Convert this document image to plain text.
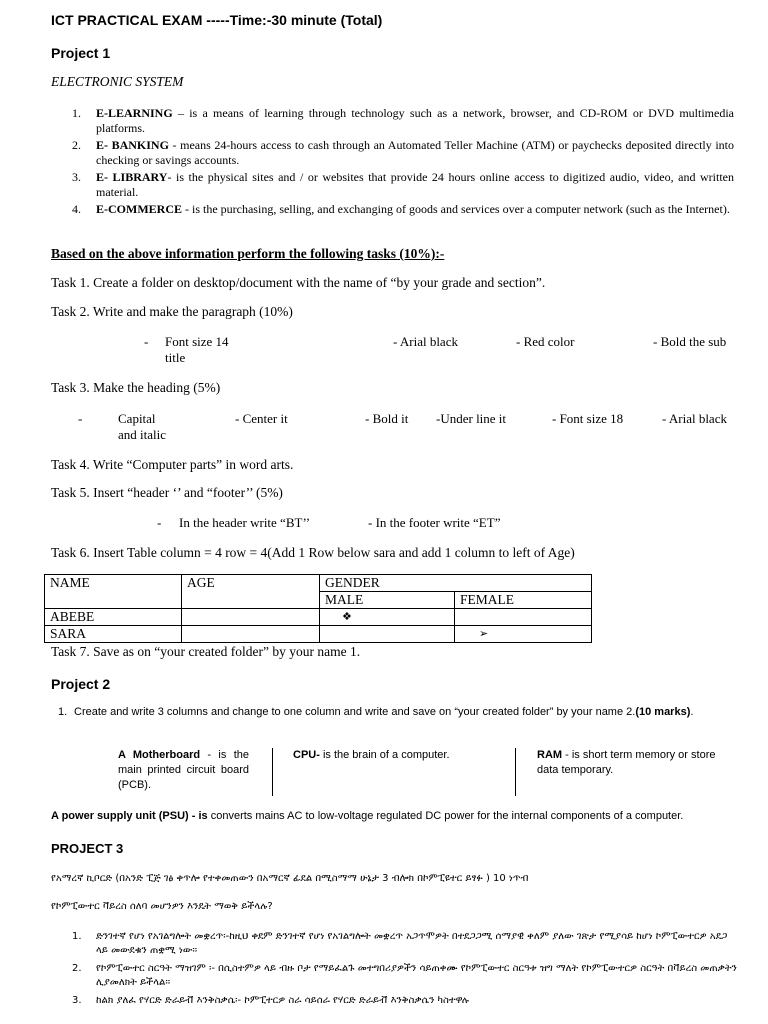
ICT PRACTICAL EXAM -----Time:-30 minute (Total)
Project 1
ELECTRONIC SYSTEM
1. E-LEARNING – is a means of learning through technology such as a network, browser, and CD-ROM or DVD multimedia platforms.
2. E- BANKING - means 24-hours access to cash through an Automated Teller Machine (ATM) or paychecks deposited directly into checking or savings accounts.
3. E- LIBRARY- is the physical sites and / or websites that provide 24 hours online access to digitized audio, video, and written material.
4. E-COMMERCE - is the purchasing, selling, and exchanging of goods and services over a computer network (such as the Internet).
Based on the above information perform the following tasks (10%):-
Task 1. Create a folder on desktop/document with the name of “by your grade and section”.
Task 2. Write and make the paragraph (10%)
- Font size 14
title
- Arial black	- Red color	- Bold the sub
Task 3. Make the heading (5%)
-	Capital
and italic
- Center it	- Bold it -Under line it	- Font size 18	- Arial black
Task 4. Write “Computer parts” in word arts.
Task 5. Insert “header ‘’ and “footer’’ (5%)
- In the header write “BT’’	- In the footer write “ET”
Task 6. Insert Table column = 4 row = 4(Add 1 Row below sara and add 1 column to left of Age)
NAME	AGE	GENDER	
		MALE	FEMALE
ABEBE		❖	
SARA			➢
Task 7. Save as on “your created folder” by your name 1.
Project 2
1. Create and write 3 columns and change to one column and write and save on “your created folder” by your name 2.(10 marks).
A Motherboard - is the main printed circuit board (PCB).
CPU- is the brain of a computer.	RAM - is short term memory or store data temporary.
A power supply unit (PSU) - is converts mains AC to low-voltage regulated DC power for the internal components of a computer.
PROJECT 3
የአማረኛ ኪቦርድ (በአንድ ፒጅ ገፅ ቀጥሎ የተቀመጠውን በአማርኛ ፊደል በሚስማማ ሁኔታ 3 ብሎክ በኮምፒዩተር ይፃፉ ) 10 ነጥብ
የኮምፒውተር ቫይረስ ሰለባ መሆንዎን እንዴት ማወቅ ይችላሉ?
1. ድንገተኛ የሆነ የአገልግሎት መቋረጥ፡-ከዚህ ቀደም ድንገተኛ የሆነ የአገልግሎት መቋረጥ አጋጥሞዎት በተደጋጋሚ ሰማያዊ ቀለም ያለው ገጽታ የሚያሳይ ከሆነ ኮምፒውተርዎ አደጋ ላይ መውደቁን ጠቋሚ ነው፡፡
2. የኮምፒውተር ስርዓት ማዝገም ፡- በሲስተምዎ ላይ ብዙ ቦታ የማይፈልጉ መተግበሪያዎችን ሳይጠቀሙ የኮምፒውተር ስርዓቱ ዝግ ማለት የኮምፒውተርዎ ስርዓት በቫይረስ መጠቃትን ሊያመለክት ይችላል፡፡
3. ከልክ ያለፈ የሃርድ ድራይቭ እንቅስቃሴ፡- ኮምፒተርዎ ስራ ሳይሰራ የሃርድ ድራይቭ እንቅስቃሴን ካስተዋሉ
